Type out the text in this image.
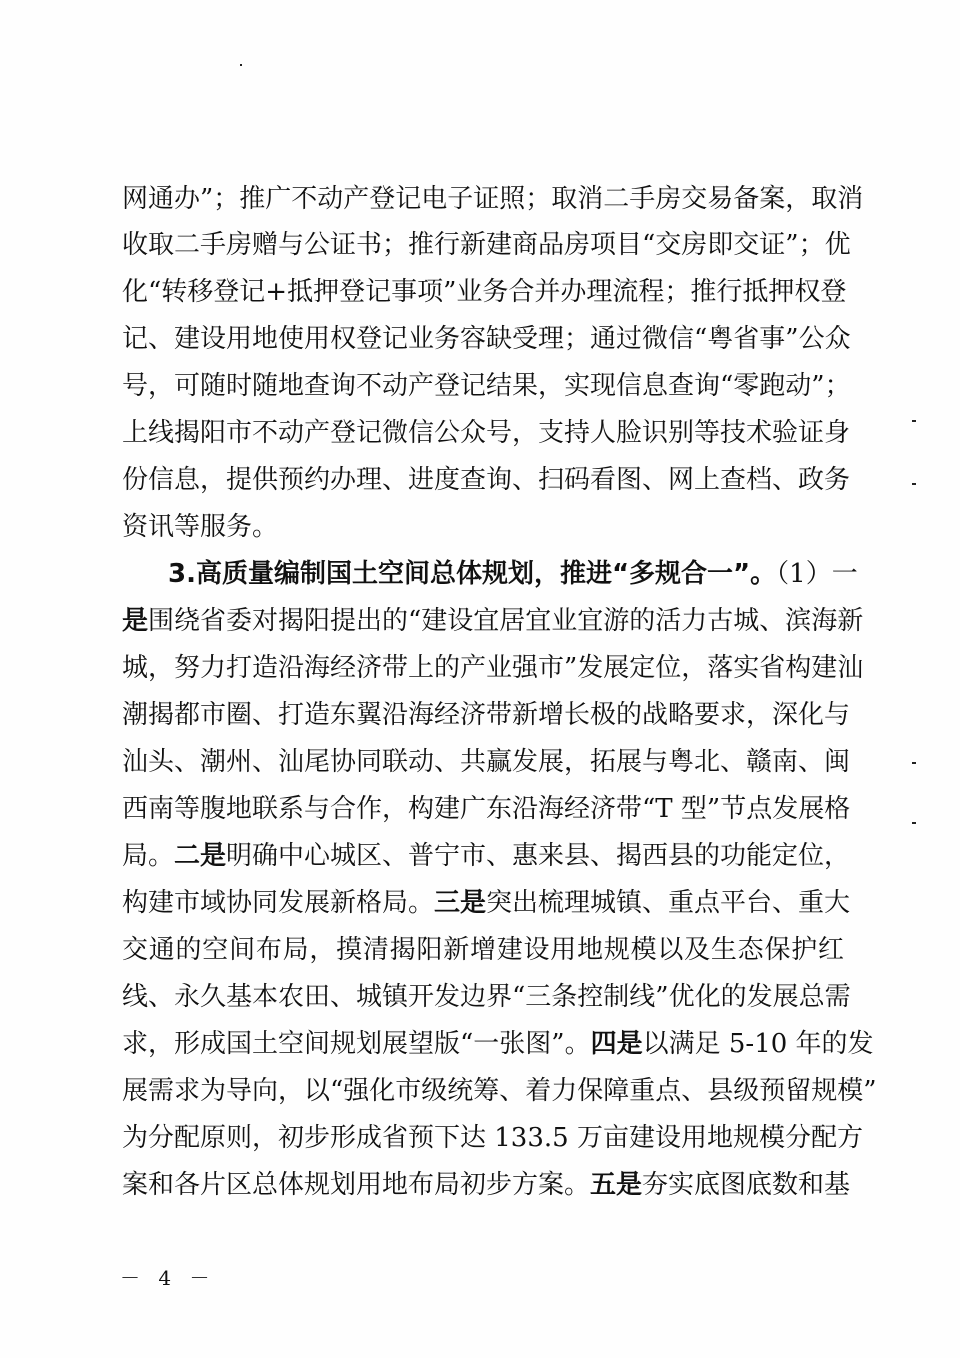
网通办”；推广不动产登记电子证照；取消二手房交易备案，取消
收取二手房赠与公证书；推行新建商品房项目“交房即交证”；优
化“转移登记+抵押登记事项”业务合并办理流程；推行抵押权登
记、建设用地使用权登记业务容缺受理；通过微信“粤省事”公众
号，可随时随地查询不动产登记结果，实现信息查询“零跑动”；
上线揭阳市不动产登记微信公众号，支持人脸识别等技术验证身
份信息，提供预约办理、进度查询、扫码看图、网上查档、政务
资讯等服务。
3.高质量编制国土空间总体规划，推进“多规合一”。（1）一
是围绕省委对揭阳提出的“建设宜居宜业宜游的活力古城、滨海新
城，努力打造沿海经济带上的产业强市”发展定位，落实省构建汕
潮揭都市圈、打造东翼沿海经济带新增长极的战略要求，深化与
汕头、潮州、汕尾协同联动、共赢发展，拓展与粤北、赣南、闽
西南等腹地联系与合作，构建广东沿海经济带“T 型”节点发展格
局。二是明确中心城区、普宁市、惠来县、揭西县的功能定位，
构建市域协同发展新格局。三是突出梳理城镇、重点平台、重大
交通的空间布局，摸清揭阳新增建设用地规模以及生态保护红
线、永久基本农田、城镇开发边界“三条控制线”优化的发展总需
求，形成国土空间规划展望版“一张图”。四是以满足 5-10 年的发
展需求为导向，以“强化市级统筹、着力保障重点、县级预留规模”
为分配原则，初步形成省预下达 133.5 万亩建设用地规模分配方
案和各片区总体规划用地布局初步方案。五是夯实底图底数和基
－ 4 －
